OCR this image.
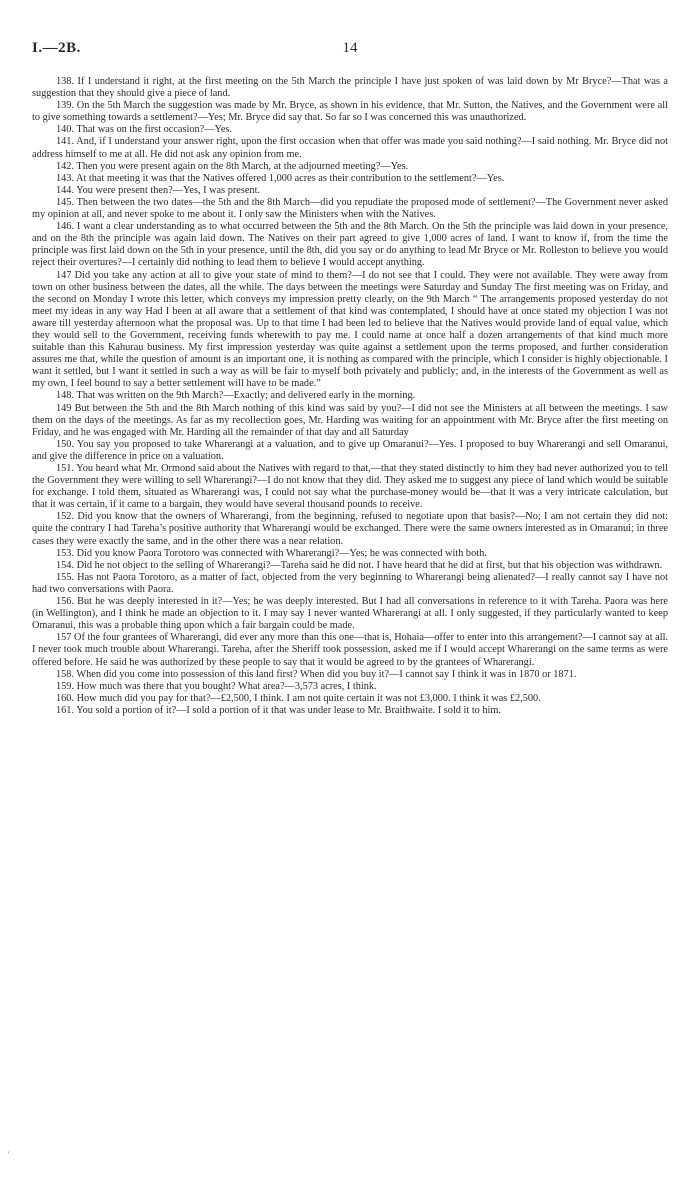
I.—2B.	14

138. If I understand it right, at the first meeting on the 5th March the principle I have just spoken of was laid down by Mr Bryce?—That was a suggestion that they should give a piece of land.

139. On the 5th March the suggestion was made by Mr. Bryce, as shown in his evidence, that Mr. Sutton, the Natives, and the Government were all to give something towards a settlement?—Yes; Mr. Bryce did say that. So far so I was concerned this was unauthorized.

140. That was on the first occasion?—Yes.

141. And, if I understand your answer right, upon the first occasion when that offer was made you said nothing?—I said nothing. Mr. Bryce did not address himself to me at all. He did not ask any opinion from me.

142. Then you were present again on the 8th March, at the adjourned meeting?—Yes.

143. At that meeting it was that the Natives offered 1,000 acres as their contribution to the settlement?—Yes.

144. You were present then?—Yes, I was present.

145. Then between the two dates—the 5th and the 8th March—did you repudiate the proposed mode of settlement?—The Government never asked my opinion at all, and never spoke to me about it. I only saw the Ministers when with the Natives.

146. I want a clear understanding as to what occurred between the 5th and the 8th March. On the 5th the principle was laid down in your presence, and on the 8th the principle was again laid down. The Natives on their part agreed to give 1,000 acres of land. I want to know if, from the time the principle was first laid down on the 5th in your presence, until the 8th, did you say or do anything to lead Mr Bryce or Mr. Rolleston to believe you would reject their overtures?—I certainly did nothing to lead them to believe I would accept anything.

147 Did you take any action at all to give your state of mind to them?—I do not see that I could. They were not available. They were away from town on other business between the dates, all the while. The days between the meetings were Saturday and Sunday The first meeting was on Friday, and the second on Monday I wrote this letter, which conveys my impression pretty clearly, on the 9th March “ The arrangements proposed yesterday do not meet my ideas in any way Had I been at all aware that a settlement of that kind was contemplated, I should have at once stated my objection I was not aware till yesterday afternoon what the proposal was. Up to that time I had been led to believe that the Natives would provide land of equal value, which they would sell to the Government, receiving funds wherewith to pay me. I could name at once half a dozen arrangements of that kind much more suitable than this Kahurau business. My first impression yesterday was quite against a settlement upon the terms proposed, and further consideration assures me that, while the question of amount is an important one, it is nothing as compared with the principle, which I consider is highly objectionable. I want it settled, but I want it settled in such a way as will be fair to myself both privately and publicly; and, in the interests of the Government as well as my own, I feel bound to say a better settlement will have to be made.”

148. That was written on the 9th March?—Exactly; and delivered early in the morning.

149 But between the 5th and the 8th March nothing of this kind was said by you?—I did not see the Ministers at all between the meetings. I saw them on the days of the meetings. As far as my recollection goes, Mr. Harding was waiting for an appointment with Mr. Bryce after the first meeting on Friday, and he was engaged with Mr. Harding all the remainder of that day and all Saturday

150. You say you proposed to take Wharerangi at a valuation, and to give up Omaranui?—Yes. I proposed to buy Wharerangi and sell Omaranui, and give the difference in price on a valuation.

151. You heard what Mr. Ormond said about the Natives with regard to that,—that they stated distinctly to him they had never authorized you to tell the Government they were willing to sell Wharerangi?—I do not know that they did. They asked me to suggest any piece of land which would be suitable for exchange. I told them, situated as Wharerangi was, I could not say what the purchase-money would be—that it was a very intricate calculation, but that it was certain, if it came to a bargain, they would have several thousand pounds to receive.

152. Did you know that the owners of Wharerangi, from the beginning, refused to negotiate upon that basis?—No; I am not certain they did not: quite the contrary I had Tareha’s positive authority that Wharerangi would be exchanged. There were the same owners interested as in Omaranui; in three cases they were exactly the same, and in the other there was a near relation.

153. Did you know Paora Torotoro was connected with Wharerangi?—Yes; he was connected with both.

154. Did he not object to the selling of Wharerangi?—Tareha said he did not. I have heard that he did at first, but that his objection was withdrawn.

155. Has not Paora Torotoro, as a matter of fact, objected from the very beginning to Wharerangi being alienated?—I really cannot say I have not had two conversations with Paora.

156. But he was deeply interested in it?—Yes; he was deeply interested. But I had all conversations in reference to it with Tareha. Paora was here (in Wellington), and I think he made an objection to it. I may say I never wanted Wharerangi at all. I only suggested, if they particularly wanted to keep Omaranui, this was a probable thing upon which a fair bargain could be made.

157 Of the four grantees of Wharerangi, did ever any more than this one—that is, Hohaia—offer to enter into this arrangement?—I cannot say at all. I never took much trouble about Wharerangi. Tareha, after the Sheriff took possession, asked me if I would accept Wharerangi on the same terms as were offered before. He said he was authorized by these people to say that it would be agreed to by the grantees of Wharerangi.

158. When did you come into possession of this land first? When did you buy it?—I cannot say I think it was in 1870 or 1871.

159. How much was there that you bought? What area?—3,573 acres, I think.

160. How much did you pay for that?—£2,500, I think. I am not quite certain it was not £3,000. I think it was £2,500.

161. You sold a portion of it?—I sold a portion of it that was under lease to Mr. Braithwaite. I sold it to him.

'
